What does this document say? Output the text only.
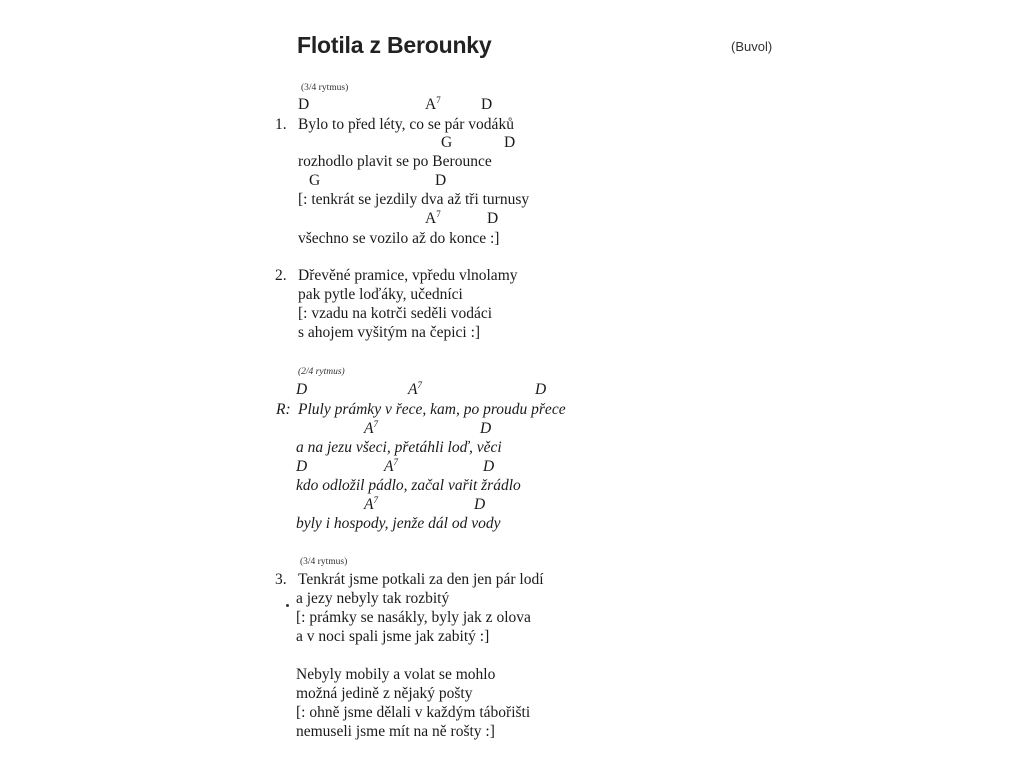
Flotila z Berounky	(Buvol)
(3/4 rytmus)
D	$A^7$	D
1. Bylo to před léty, co se pár vodáků
G	D
rozhodlo plavit se po Berounce
G	D
[: tenkrát se jezdily dva až tři turnusy
$A^7$	D
všechno se vozilo až do konce :]
2. Dřevěné pramice, vpředu vlnolamy
pak pytle loďáky, učedníci
[: vzadu na kotrči seděli vodáci
s ahojem vyšitým na čepici :]
(2/4 rytmus)
D	$A^7$	D
R: Pluly prámky v řece, kam, po proudu přece
$A^7$	D
a na jezu všeci, přetáhli loď, věci
D	$A^7$	D
kdo odložil pádlo, začal vařit žrádlo
$A^7$	D
byly i hospody, jenže dál od vody
(3/4 rytmus)
3. Tenkrát jsme potkali za den jen pár lodí
a jezy nebyly tak rozbitý
[: prámky se nasákly, byly jak z olova
a v noci spali jsme jak zabitý :]
Nebyly mobily a volat se mohlo
možná jedině z nějaký pošty
[: ohně jsme dělali v každým tábořišti
nemuseli jsme mít na ně rošty :]
